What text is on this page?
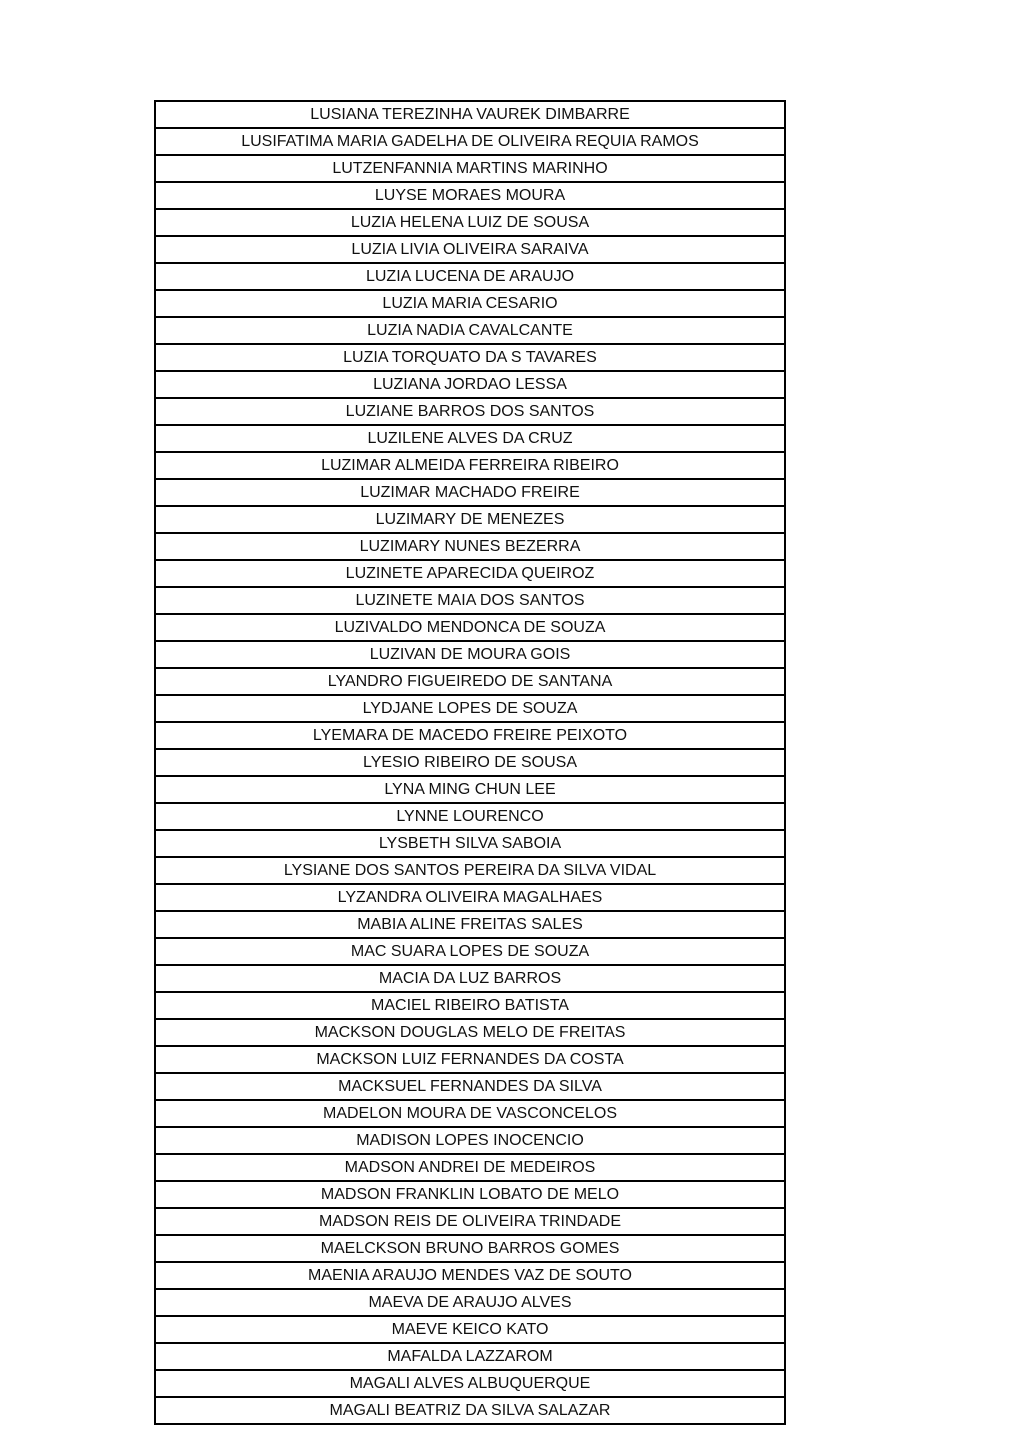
LUSIANA TEREZINHA VAUREK DIMBARRE
LUSIFATIMA MARIA GADELHA DE OLIVEIRA REQUIA RAMOS
LUTZENFANNIA MARTINS MARINHO
LUYSE MORAES MOURA
LUZIA HELENA LUIZ DE SOUSA
LUZIA LIVIA OLIVEIRA SARAIVA
LUZIA LUCENA DE ARAUJO
LUZIA MARIA CESARIO
LUZIA NADIA CAVALCANTE
LUZIA TORQUATO DA S TAVARES
LUZIANA JORDAO LESSA
LUZIANE BARROS DOS SANTOS
LUZILENE ALVES DA CRUZ
LUZIMAR ALMEIDA FERREIRA RIBEIRO
LUZIMAR MACHADO FREIRE
LUZIMARY DE MENEZES
LUZIMARY NUNES BEZERRA
LUZINETE APARECIDA QUEIROZ
LUZINETE MAIA DOS SANTOS
LUZIVALDO MENDONCA DE SOUZA
LUZIVAN DE MOURA GOIS
LYANDRO FIGUEIREDO DE SANTANA
LYDJANE LOPES DE SOUZA
LYEMARA DE MACEDO FREIRE PEIXOTO
LYESIO RIBEIRO DE SOUSA
LYNA MING CHUN LEE
LYNNE LOURENCO
LYSBETH SILVA SABOIA
LYSIANE DOS SANTOS PEREIRA DA SILVA VIDAL
LYZANDRA OLIVEIRA MAGALHAES
MABIA ALINE FREITAS SALES
MAC SUARA LOPES DE SOUZA
MACIA DA LUZ BARROS
MACIEL RIBEIRO BATISTA
MACKSON DOUGLAS MELO DE FREITAS
MACKSON LUIZ FERNANDES DA COSTA
MACKSUEL FERNANDES DA SILVA
MADELON MOURA DE VASCONCELOS
MADISON LOPES INOCENCIO
MADSON ANDREI DE MEDEIROS
MADSON FRANKLIN LOBATO DE MELO
MADSON REIS DE OLIVEIRA TRINDADE
MAELCKSON BRUNO BARROS GOMES
MAENIA ARAUJO MENDES VAZ DE SOUTO
MAEVA DE ARAUJO ALVES
MAEVE KEICO KATO
MAFALDA LAZZAROM
MAGALI ALVES ALBUQUERQUE
MAGALI BEATRIZ DA SILVA SALAZAR
